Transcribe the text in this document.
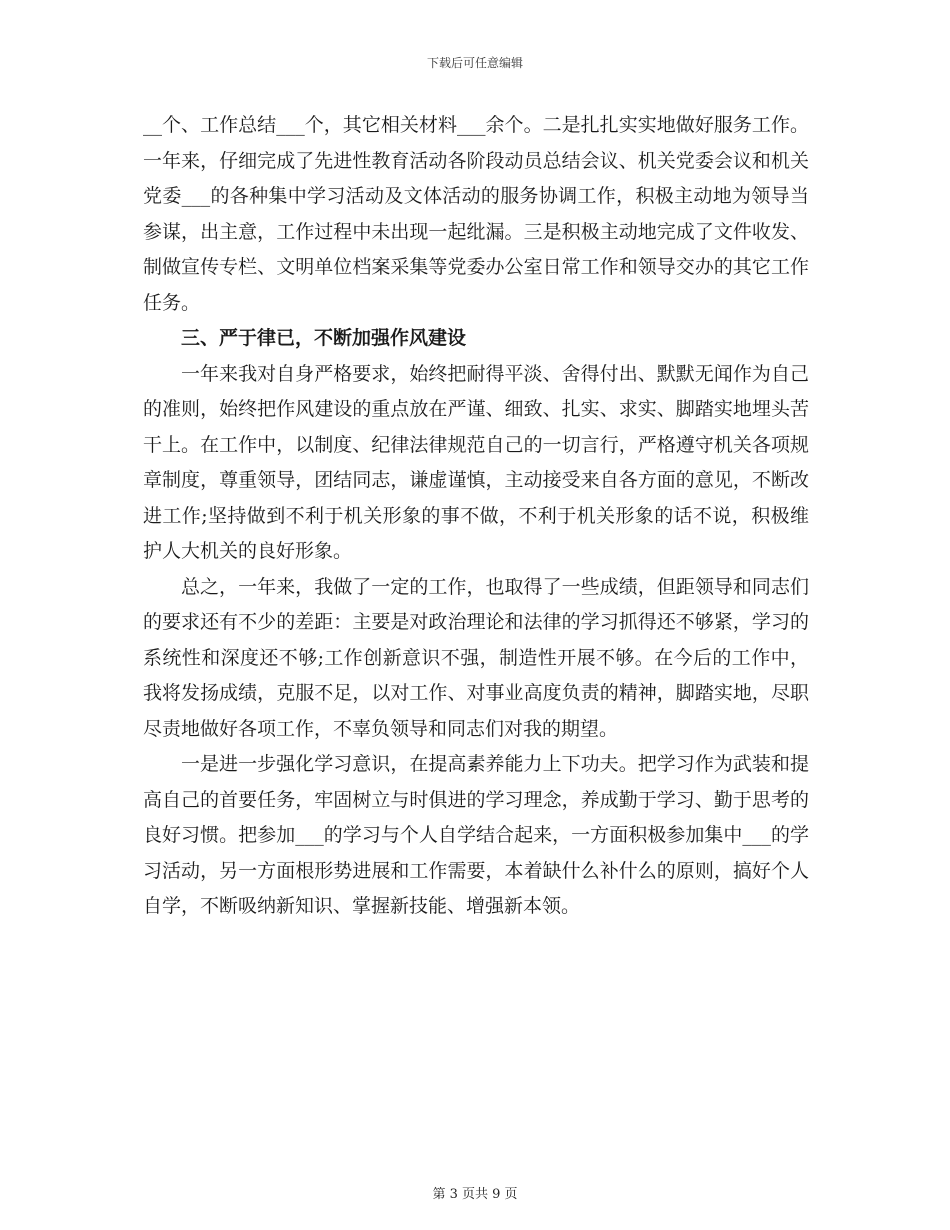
下载后可任意编辑

__个、工作总结___个，其它相关材料___余个。二是扎扎实实地做好服务工作。一年来，仔细完成了先进性教育活动各阶段动员总结会议、机关党委会议和机关党委___的各种集中学习活动及文体活动的服务协调工作，积极主动地为领导当参谋，出主意，工作过程中未出现一起纰漏。三是积极主动地完成了文件收发、制做宣传专栏、文明单位档案采集等党委办公室日常工作和领导交办的其它工作任务。

三、严于律已，不断加强作风建设

一年来我对自身严格要求，始终把耐得平淡、舍得付出、默默无闻作为自己的准则，始终把作风建设的重点放在严谨、细致、扎实、求实、脚踏实地埋头苦干上。在工作中，以制度、纪律法律规范自己的一切言行，严格遵守机关各项规章制度，尊重领导，团结同志，谦虚谨慎，主动接受来自各方面的意见，不断改进工作;坚持做到不利于机关形象的事不做，不利于机关形象的话不说，积极维护人大机关的良好形象。

总之，一年来，我做了一定的工作，也取得了一些成绩，但距领导和同志们的要求还有不少的差距：主要是对政治理论和法律的学习抓得还不够紧，学习的系统性和深度还不够;工作创新意识不强，制造性开展不够。在今后的工作中，我将发扬成绩，克服不足，以对工作、对事业高度负责的精神，脚踏实地，尽职尽责地做好各项工作，不辜负领导和同志们对我的期望。

一是进一步强化学习意识，在提高素养能力上下功夫。把学习作为武装和提高自己的首要任务，牢固树立与时俱进的学习理念，养成勤于学习、勤于思考的良好习惯。把参加___的学习与个人自学结合起来，一方面积极参加集中___的学习活动，另一方面根形势进展和工作需要，本着缺什么补什么的原则，搞好个人自学，不断吸纳新知识、掌握新技能、增强新本领。

第 3 页共 9 页
